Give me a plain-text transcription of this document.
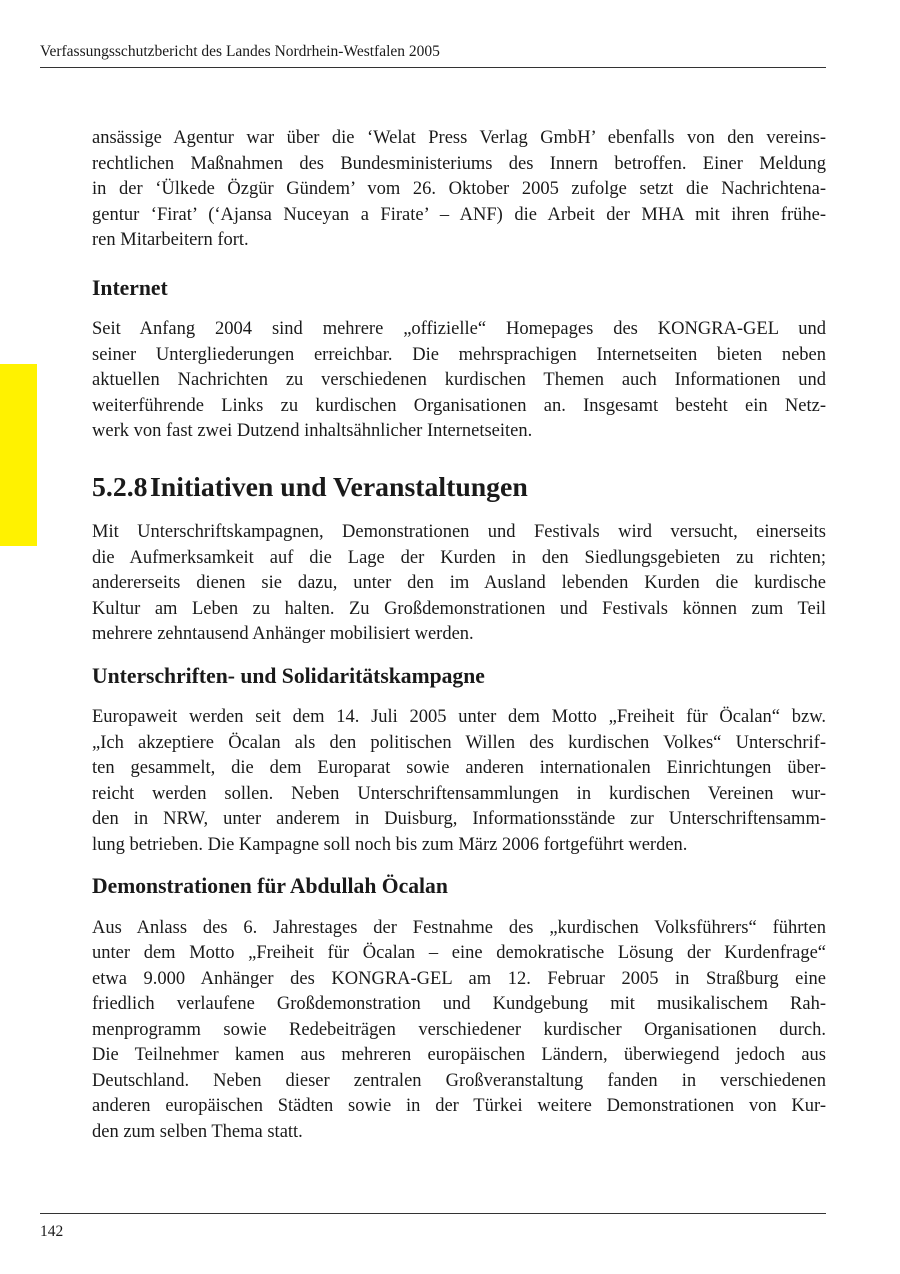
Verfassungsschutzbericht des Landes Nordrhein-Westfalen 2005

ansässige Agentur war über die ‘Welat Press Verlag GmbH’ ebenfalls von den vereins-
rechtlichen Maßnahmen des Bundesministeriums des Innern betroffen. Einer Meldung
in der ‘Ülkede Özgür Gündem’ vom 26. Oktober 2005 zufolge setzt die Nachrichtena-
gentur ‘Firat’ (‘Ajansa Nuceyan a Firate’ – ANF) die Arbeit der MHA mit ihren frühe-
ren Mitarbeitern fort.

Internet

Seit Anfang 2004 sind mehrere „offizielle“ Homepages des KONGRA-GEL und
seiner Untergliederungen erreichbar. Die mehrsprachigen Internetseiten bieten neben
aktuellen Nachrichten zu verschiedenen kurdischen Themen auch Informationen und
weiterführende Links zu kurdischen Organisationen an. Insgesamt besteht ein Netz-
werk von fast zwei Dutzend inhaltsähnlicher Internetseiten.

5.2.8Initiativen und Veranstaltungen

Mit Unterschriftskampagnen, Demonstrationen und Festivals wird versucht, einerseits
die Aufmerksamkeit auf die Lage der Kurden in den Siedlungsgebieten zu richten;
andererseits dienen sie dazu, unter den im Ausland lebenden Kurden die kurdische
Kultur am Leben zu halten. Zu Großdemonstrationen und Festivals können zum Teil
mehrere zehntausend Anhänger mobilisiert werden.

Unterschriften- und Solidaritätskampagne

Europaweit werden seit dem 14. Juli 2005 unter dem Motto „Freiheit für Öcalan“ bzw.
„Ich akzeptiere Öcalan als den politischen Willen des kurdischen Volkes“ Unterschrif-
ten gesammelt, die dem Europarat sowie anderen internationalen Einrichtungen über-
reicht werden sollen. Neben Unterschriftensammlungen in kurdischen Vereinen wur-
den in NRW, unter anderem in Duisburg, Informationsstände zur Unterschriftensamm-
lung betrieben. Die Kampagne soll noch bis zum März 2006 fortgeführt werden.

Demonstrationen für Abdullah Öcalan

Aus Anlass des 6. Jahrestages der Festnahme des „kurdischen Volksführers“ führten
unter dem Motto „Freiheit für Öcalan – eine demokratische Lösung der Kurdenfrage“
etwa 9.000 Anhänger des KONGRA-GEL am 12. Februar 2005 in Straßburg eine
friedlich verlaufene Großdemonstration und Kundgebung mit musikalischem Rah-
menprogramm sowie Redebeiträgen verschiedener kurdischer Organisationen durch.
Die Teilnehmer kamen aus mehreren europäischen Ländern, überwiegend jedoch aus
Deutschland. Neben dieser zentralen Großveranstaltung fanden in verschiedenen
anderen europäischen Städten sowie in der Türkei weitere Demonstrationen von Kur-
den zum selben Thema statt.

142
